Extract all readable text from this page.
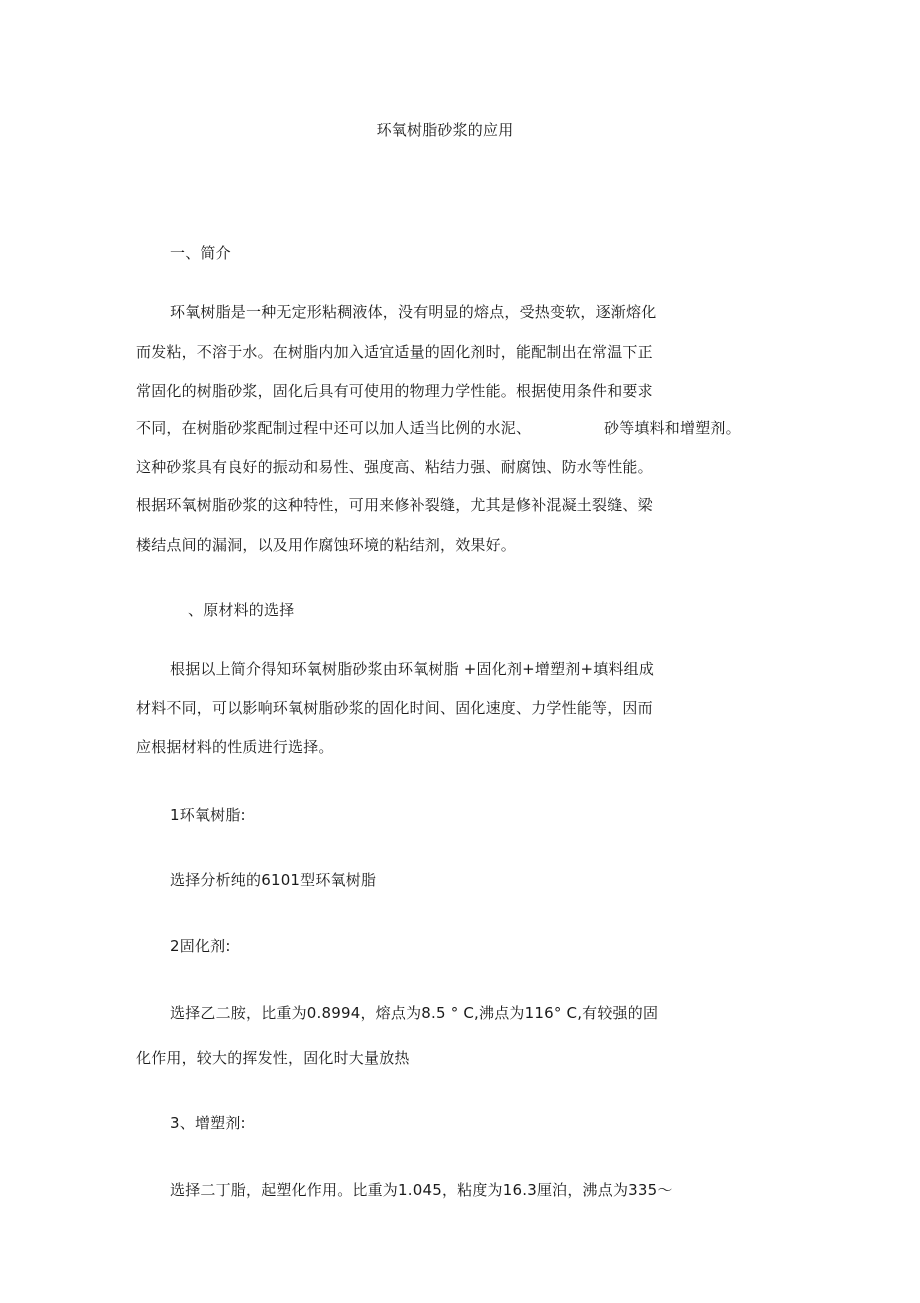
环氧树脂砂浆的应用
一、简介
环氧树脂是一种无定形粘稠液体，没有明显的熔点，受热变软，逐渐熔化
而发粘，不溶于水。在树脂内加入适宜适量的固化剂时，能配制出在常温下正
常固化的树脂砂浆，固化后具有可使用的物理力学性能。根据使用条件和要求
不同，在树脂砂浆配制过程中还可以加人适当比例的水泥、	砂等填料和增塑剂。
这种砂浆具有良好的振动和易性、强度高、粘结力强、耐腐蚀、防水等性能。
根据环氧树脂砂浆的这种特性，可用来修补裂缝，尤其是修补混凝土裂缝、梁
楼结点间的漏洞，以及用作腐蚀环境的粘结剂，效果好。
、原材料的选择
根据以上简介得知环氧树脂砂浆由环氧树脂 +固化剂+增塑剂+填料组成
材料不同，可以影响环氧树脂砂浆的固化时间、固化速度、力学性能等，因而
应根据材料的性质进行选择。
1环氧树脂:
选择分析纯的6101型环氧树脂
2固化剂:
选择乙二胺，比重为0.8994，熔点为8.5 ° C,沸点为116° C,有较强的固
化作用，较大的挥发性，固化时大量放热
3、增塑剂:
选择二丁脂，起塑化作用。比重为1.045，粘度为16.3厘泊，沸点为335〜
